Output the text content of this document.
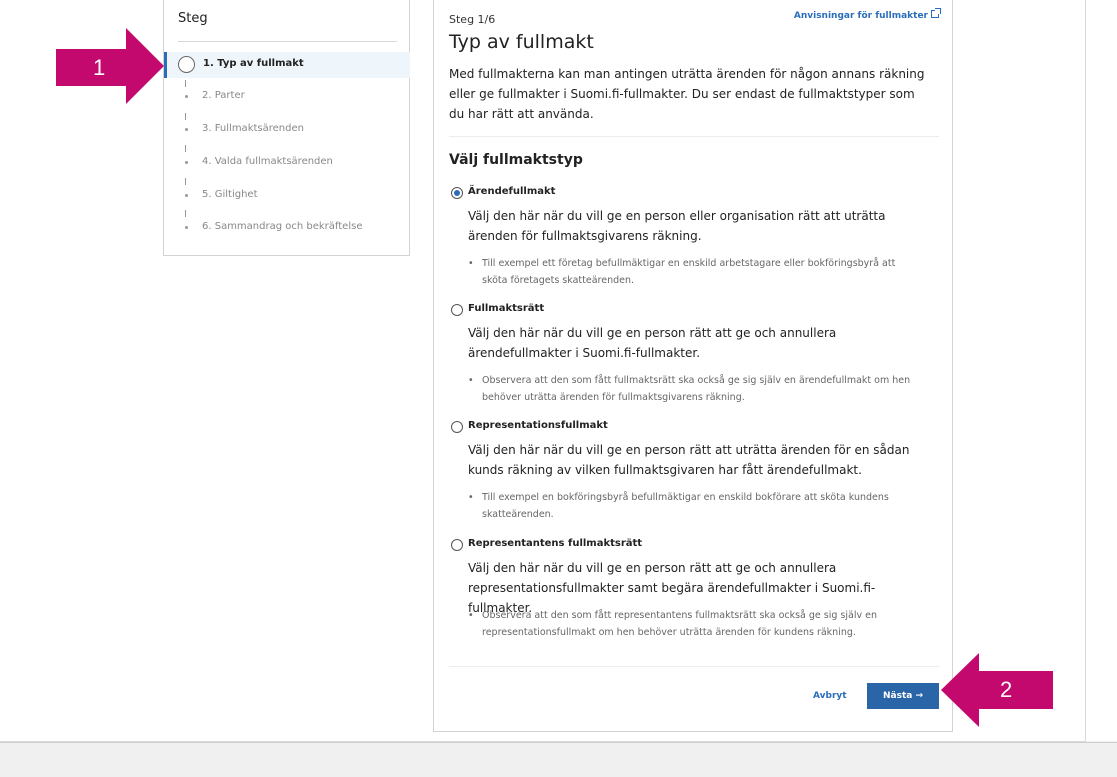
Steg
1. Typ av fullmakt
2. Parter
3. Fullmaktsärenden
4. Valda fullmaktsärenden
5. Giltighet
6. Sammandrag och bekräftelse
Steg 1/6	Anvisningar för fullmakter
Typ av fullmakt
Med fullmakterna kan man antingen uträtta ärenden för någon annans räkning eller ge fullmakter i Suomi.fi-fullmakter. Du ser endast de fullmaktstyper som du har rätt att använda.
Välj fullmaktstyp
Ärendefullmakt
Välj den här när du vill ge en person eller organisation rätt att uträtta ärenden för fullmaktsgivarens räkning.
• Till exempel ett företag befullmäktigar en enskild arbetstagare eller bokföringsbyrå att sköta företagets skatteärenden.
Fullmaktsrätt
Välj den här när du vill ge en person rätt att ge och annullera ärendefullmakter i Suomi.fi-fullmakter.
• Observera att den som fått fullmaktsrätt ska också ge sig själv en ärendefullmakt om hen behöver uträtta ärenden för fullmaktsgivarens räkning.
Representationsfullmakt
Välj den här när du vill ge en person rätt att uträtta ärenden för en sådan kunds räkning av vilken fullmaktsgivaren har fått ärendefullmakt.
• Till exempel en bokföringsbyrå befullmäktigar en enskild bokförare att sköta kundens skatteärenden.
Representantens fullmaktsrätt
Välj den här när du vill ge en person rätt att ge och annullera representationsfullmakter samt begära ärendefullmakter i Suomi.fi-fullmakter.
• Observera att den som fått representantens fullmaktsrätt ska också ge sig själv en representationsfullmakt om hen behöver uträtta ärenden för kundens räkning.
Avbryt	Nästa →
1
2
